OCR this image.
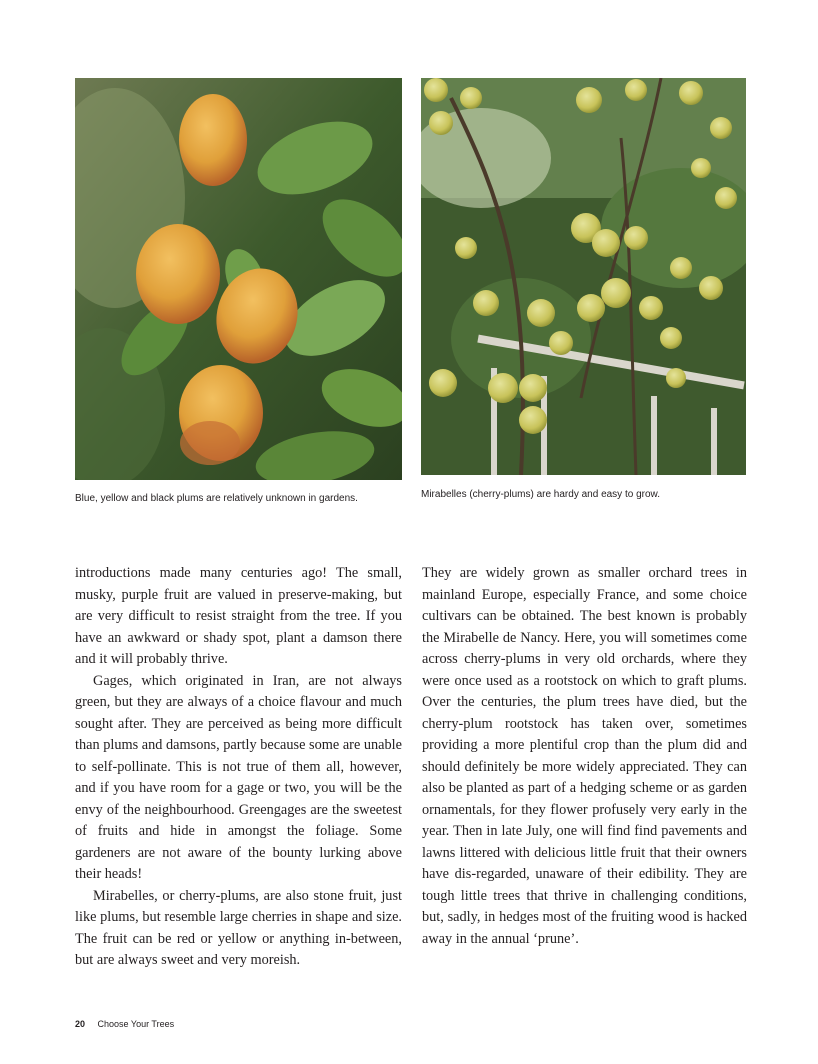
Blue, yellow and black plums are relatively unknown in gardens.	Mirabelles (cherry-plums) are hardy and easy to grow.

introductions made many centuries ago! The small, musky, purple fruit are valued in preserve-making, but are very difficult to resist straight from the tree. If you have an awkward or shady spot, plant a damson there and it will probably thrive.

Gages, which originated in Iran, are not always green, but they are always of a choice flavour and much sought after. They are perceived as being more difficult than plums and damsons, partly because some are unable to self-pollinate. This is not true of them all, however, and if you have room for a gage or two, you will be the envy of the neighbourhood. Greengages are the sweetest of fruits and hide in amongst the foliage. Some gardeners are not aware of the bounty lurking above their heads!

Mirabelles, or cherry-plums, are also stone fruit, just like plums, but resemble large cherries in shape and size. The fruit can be red or yellow or anything in-between, but are always sweet and very moreish.

They are widely grown as smaller orchard trees in mainland Europe, especially France, and some choice cultivars can be obtained. The best known is probably the Mirabelle de Nancy. Here, you will sometimes come across cherry-plums in very old orchards, where they were once used as a rootstock on which to graft plums. Over the centuries, the plum trees have died, but the cherry-plum rootstock has taken over, sometimes providing a more plentiful crop than the plum did and should definitely be more widely appreciated. They can also be planted as part of a hedging scheme or as garden ornamentals, for they flower profusely very early in the year. Then in late July, one will find find pavements and lawns littered with delicious little fruit that their owners have dis-regarded, unaware of their edibility. They are tough little trees that thrive in challenging conditions, but, sadly, in hedges most of the fruiting wood is hacked away in the annual ‘prune’.

20 Choose Your Trees
